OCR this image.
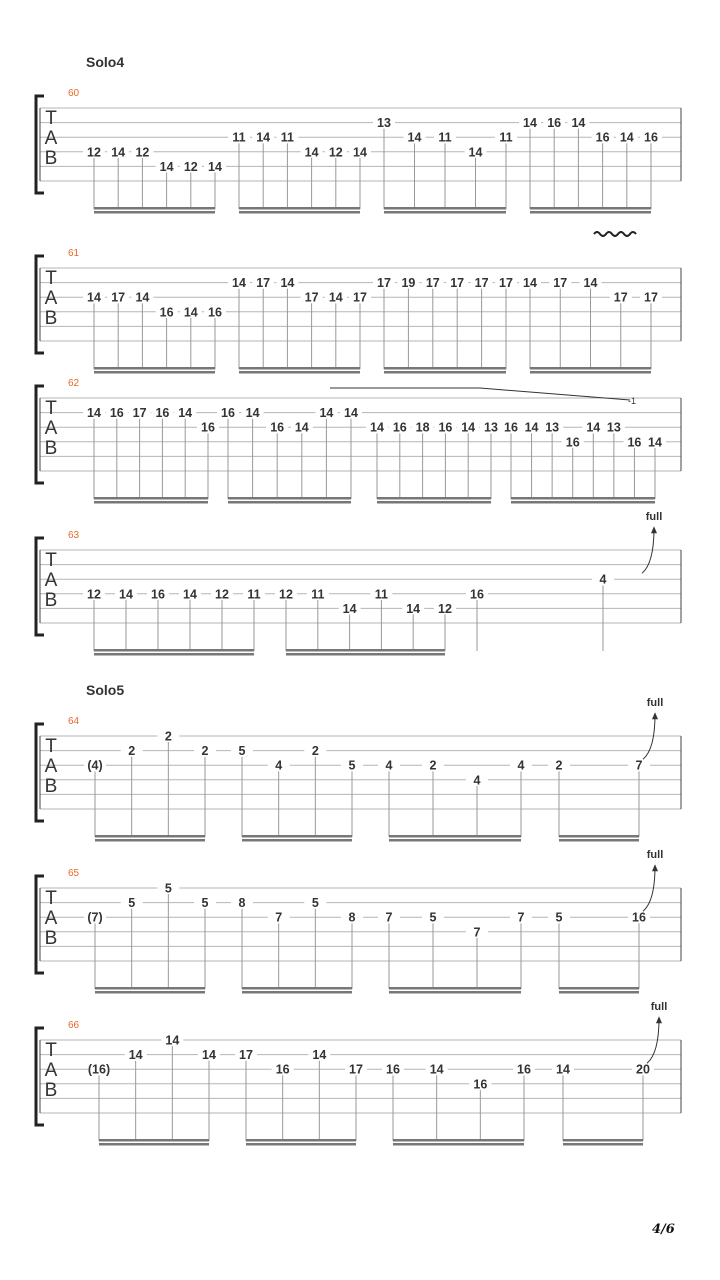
T
A
B
60
Solo4
12 14 12
14 12 14
11 14 11
14 12 14
13
14 11
14
11
14 16 14
16 14 16
T
A
B
61
14 17 14
16 14 16
14 17 14
17 14 17
17 19 17 17 17 17 14 17 14
17 17
T
A
B
62
14 16 17 16 14
16
16 14
16 14
14 14
14 16 18 16 14 13 16 14 13
16
14 13
16 14
-1
T
A
B
63
12 14 16 14 12 11 12 11
14
11
14 12
16
4
full
T
A
B
64
Solo5
(4)
2
2
2 5
4
2
5 4	2
4
4 2	7
full
T
A
B
65
(7)
5
5
5 8
7
5
8 7	5
7
7 5	16
full
T
A
B
66
(16)
14
14
14 17
16
14
17 16 14
16
16 14	20
full
4/6
